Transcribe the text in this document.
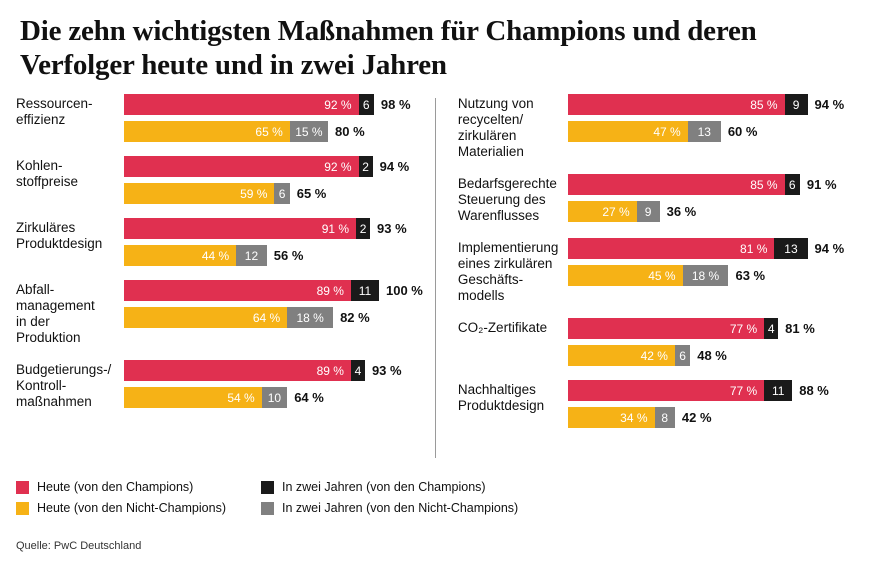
Die zehn wichtigsten Maßnahmen für Champions und deren Verfolger heute und in zwei Jahren
Ressourcen-
effizienz
92 % 6 98 %
65 %	15 % 80 %
Kohlen-
stoffpreise
92 % 2 94 %
59 % 6 65 %
Zirkuläres
Produktdesign
91 % 2 93 %
44 %	12	56 %
Abfall-
management
in der
Produktion
89 %	11	100 %
64 %	18 %	82 %
Budgetierungs-/
Kontroll-
maßnahmen
89 % 4 93 %
54 %	10	64 %
Nutzung von
recycelten/
zirkulären
Materialien
85 %	9	94 %
47 %	13	60 %
Bedarfsgerechte
Steuerung des
Warenflusses
85 % 6 91 %
27 %	9	36 %
Implementierung
eines zirkulären
Geschäfts-
modells
81 %	13	94 %
45 %	18 %	63 %
CO₂-Zertifikate	77 % 4 81 %
42 % 6 48 %
Nachhaltiges
Produktdesign
77 %	11	88 %
34 %	8	42 %
Heute (von den Champions)	In zwei Jahren (von den Champions)
Heute (von den Nicht-Champions)	In zwei Jahren (von den Nicht-Champions)
Quelle: PwC Deutschland
